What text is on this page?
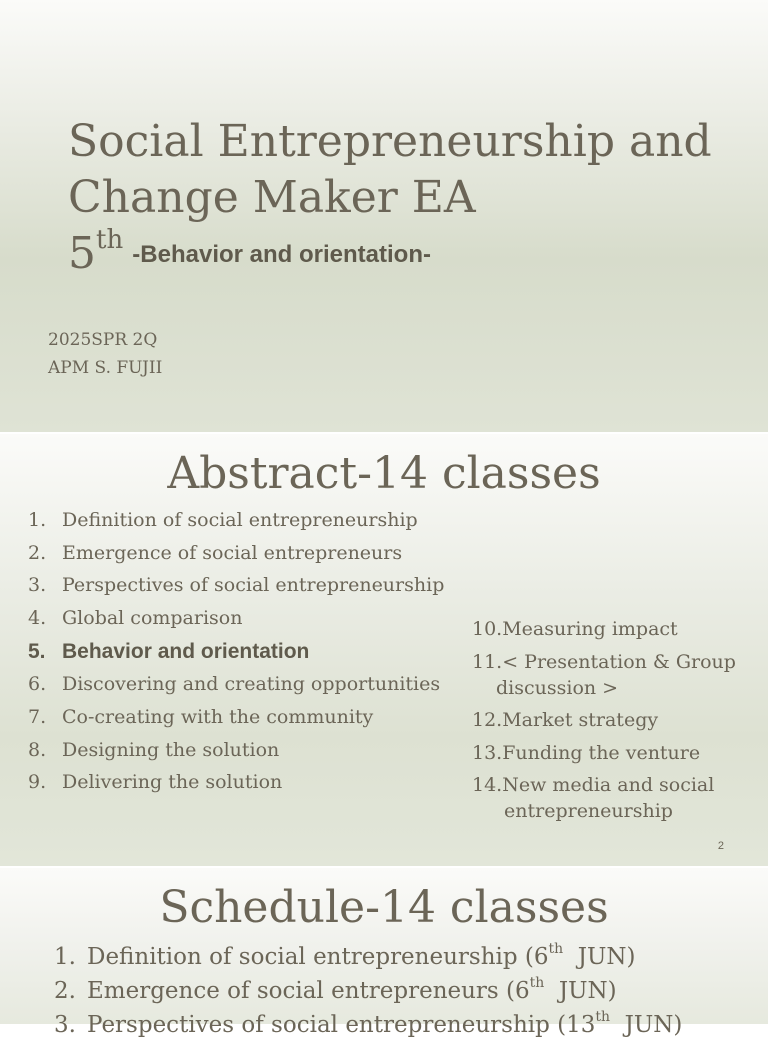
Social Entrepreneurship and Change Maker EA
5th -Behavior and orientation-
2025SPR 2Q
APM S. FUJII
Abstract-14 classes
1. Definition of social entrepreneurship
2. Emergence of social entrepreneurs
3. Perspectives of social entrepreneurship
4. Global comparison
5. Behavior and orientation
6. Discovering and creating opportunities
7. Co-creating with the community
8. Designing the solution
9. Delivering the solution
10.Measuring impact
11.< Presentation & Group
discussion >
12.Market strategy
13.Funding the venture
14.New media and social
entrepreneurship
2
Schedule-14 classes
1. Definition of social entrepreneurship (6th  JUN)
2. Emergence of social entrepreneurs (6th  JUN)
3. Perspectives of social entrepreneurship (13th  JUN)
